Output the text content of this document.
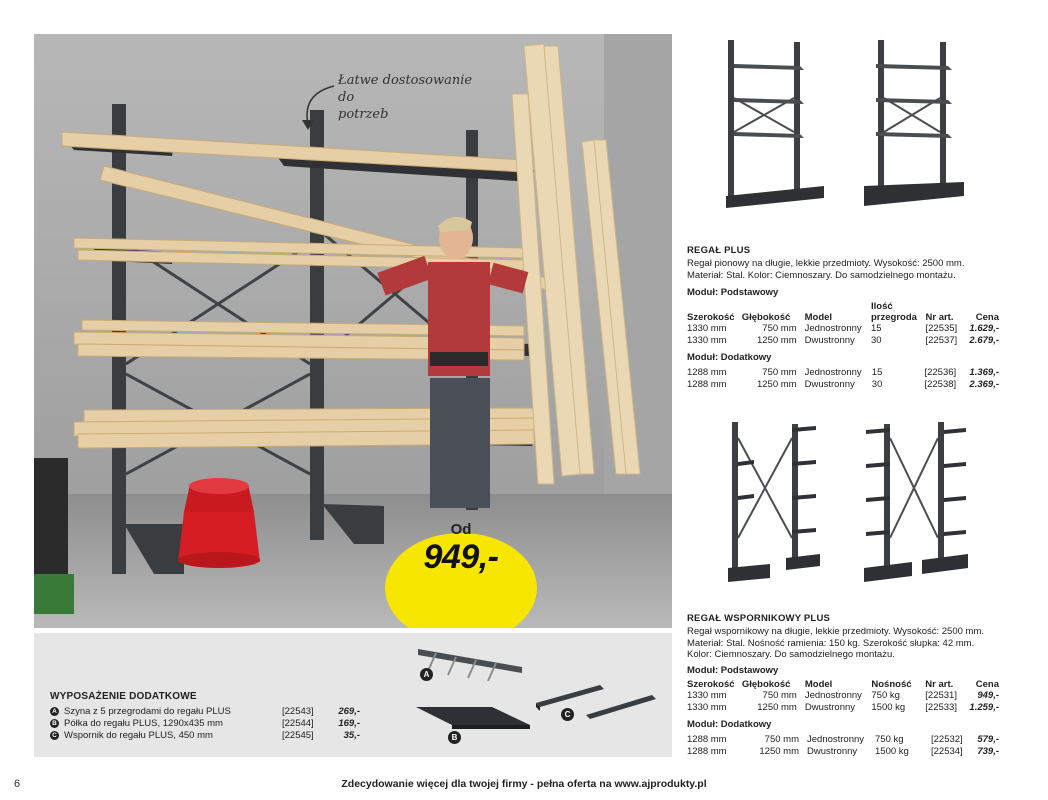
Łatwe dostosowanie do
potrzeb
Od
949,-
WYPOSAŻENIE DODATKOWE
A Szyna z 5 przegrodami do regału PLUS	[22543]	269,-
B Półka do regału PLUS, 1290x435 mm	[22544]	169,-
C Wspornik do regału PLUS, 450 mm	[22545]	35,-
A
B
C
REGAŁ PLUS
Regał pionowy na długie, lekkie przedmioty. Wysokość: 2500 mm. Materiał: Stal. Kolor: Ciemnoszary. Do samodzielnego montażu.
Moduł: Podstawowy
Szerokość	Głębokość	Model	Ilość
przegroda	Nr art.	Cena
1330 mm	750 mm	Jednostronny	15	[22535]	1.629,-
1330 mm	1250 mm	Dwustronny	30	[22537]	2.679,-
Moduł: Dodatkowy
1288 mm	750 mm	Jednostronny	15	[22536]	1.369,-
1288 mm	1250 mm	Dwustronny	30	[22538]	2.369,-
REGAŁ WSPORNIKOWY PLUS
Regał wspornikowy na długie, lekkie przedmioty. Wysokość: 2500 mm. Materiał: Stal. Nośność ramienia: 150 kg. Szerokość słupka: 42 mm. Kolor: Ciemnoszary. Do samodzielnego montażu.
Moduł: Podstawowy
Szerokość	Głębokość	Model	Nośność	Nr art.	Cena
1330 mm	750 mm	Jednostronny	750 kg	[22531]	949,-
1330 mm	1250 mm	Dwustronny	1500 kg	[22533]	1.259,-
Moduł: Dodatkowy
1288 mm	750 mm	Jednostronny	750 kg	[22532]	579,-
1288 mm	1250 mm	Dwustronny	1500 kg	[22534]	739,-
6	Zdecydowanie więcej dla twojej firmy - pełna oferta na www.ajprodukty.pl
